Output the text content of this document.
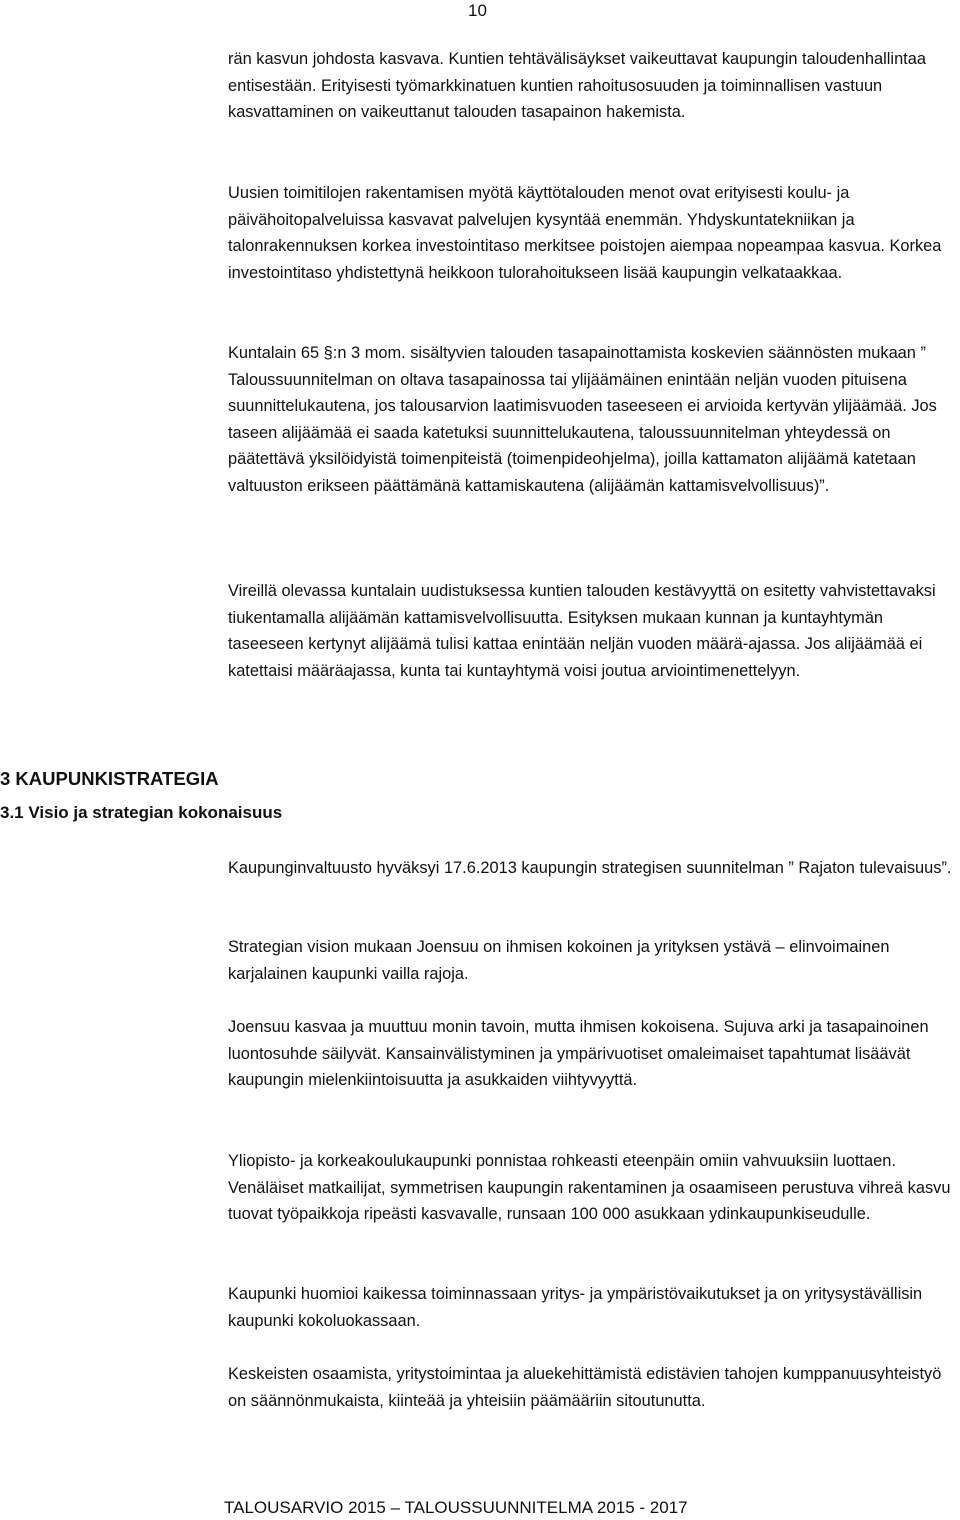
10

rän kasvun johdosta kasvava. Kuntien tehtävälisäykset vaikeuttavat kaupungin taloudenhallintaa entisestään. Erityisesti työmarkkinatuen kuntien rahoitusosuuden ja toiminnallisen vastuun kasvattaminen on vaikeuttanut talouden tasapainon hakemista.

Uusien toimitilojen rakentamisen myötä käyttötalouden menot ovat erityisesti koulu- ja päivähoitopalveluissa kasvavat palvelujen kysyntää enemmän. Yhdyskuntatekniikan ja talonrakennuksen korkea investointitaso merkitsee poistojen aiempaa nopeampaa kasvua. Korkea investointitaso yhdistettynä heikkoon tulorahoitukseen lisää kaupungin velkataakkaa.

Kuntalain 65 §:n 3 mom. sisältyvien talouden tasapainottamista koskevien säännösten mukaan ” Taloussuunnitelman on oltava tasapainossa tai ylijäämäinen enintään neljän vuoden pituisena suunnittelukautena, jos talousarvion laatimisvuoden taseeseen ei arvioida kertyvän ylijäämää. Jos taseen alijäämää ei saada katetuksi suunnittelukautena, taloussuunnitelman yhteydessä on päätettävä yksilöidyistä toimenpiteistä (toimenpideohjelma), joilla kattamaton alijäämä katetaan valtuuston erikseen päättämänä kattamiskautena (alijäämän kattamisvelvollisuus)”.

Vireillä olevassa kuntalain uudistuksessa kuntien talouden kestävyyttä on esitetty vahvistettavaksi tiukentamalla alijäämän kattamisvelvollisuutta. Esityksen mukaan kunnan ja kuntayhtymän taseeseen kertynyt alijäämä tulisi kattaa enintään neljän vuoden määrä-ajassa. Jos alijäämää ei katettaisi määräajassa, kunta tai kuntayhtymä voisi joutua arviointimenettelyyn.

3 KAUPUNKISTRATEGIA
3.1 Visio ja strategian kokonaisuus

Kaupunginvaltuusto hyväksyi 17.6.2013 kaupungin strategisen suunnitelman ” Rajaton tulevaisuus”.

Strategian vision mukaan Joensuu on ihmisen kokoinen ja yrityksen ystävä – elinvoimainen karjalainen kaupunki vailla rajoja.

Joensuu kasvaa ja muuttuu monin tavoin, mutta ihmisen kokoisena. Sujuva arki ja tasapainoinen luontosuhde säilyvät. Kansainvälistyminen ja ympärivuotiset omaleimaiset tapahtumat lisäävät kaupungin mielenkiintoisuutta ja asukkaiden viihtyvyyttä.

Yliopisto- ja korkeakoulukaupunki ponnistaa rohkeasti eteenpäin omiin vahvuuksiin luottaen. Venäläiset matkailijat, symmetrisen kaupungin rakentaminen ja osaamiseen perustuva vihreä kasvu tuovat työpaikkoja ripeästi kasvavalle, runsaan 100 000 asukkaan ydinkaupunkiseudulle.

Kaupunki huomioi kaikessa toiminnassaan yritys- ja ympäristövaikutukset ja on yritysystävällisin kaupunki kokoluokassaan.

Keskeisten osaamista, yritystoimintaa ja aluekehittämistä edistävien tahojen kumppanuusyhteistyö on säännönmukaista, kiinteää ja yhteisiin päämääriin sitoutunutta.

TALOUSARVIO 2015 – TALOUSSUUNNITELMA 2015 - 2017
